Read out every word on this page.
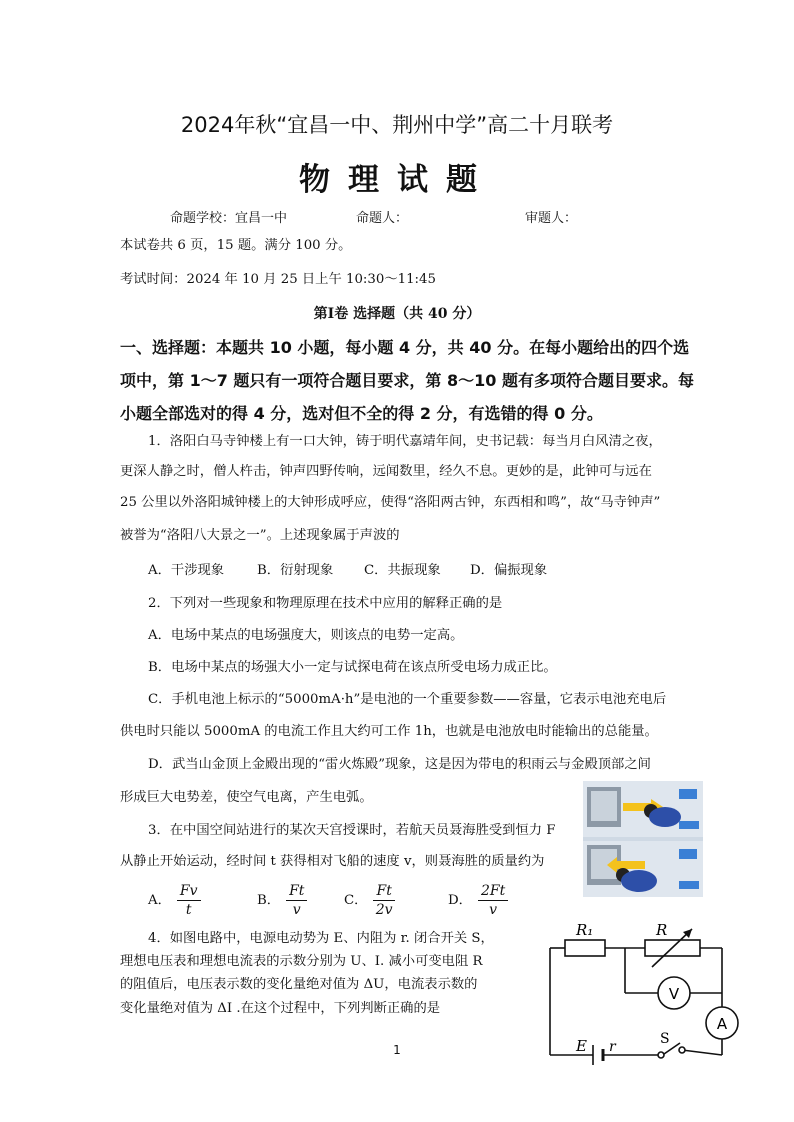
2024年秋“宜昌一中、荆州中学”高二十月联考
物理试题
命题学校：宜昌一中	命题人：	审题人：
本试卷共 6 页，15 题。满分 100 分。
考试时间：2024 年 10 月 25 日上午 10:30～11:45
第Ⅰ卷 选择题（共 40 分）
一、选择题：本题共 10 小题，每小题 4 分，共 40 分。在每小题给出的四个选
项中，第 1～7 题只有一项符合题目要求，第 8～10 题有多项符合题目要求。每
小题全部选对的得 4 分，选对但不全的得 2 分，有选错的得 0 分。
1．洛阳白马寺钟楼上有一口大钟，铸于明代嘉靖年间，史书记载：每当月白风清之夜，
更深人静之时，僧人杵击，钟声四野传响，远闻数里，经久不息。更妙的是，此钟可与远在
25 公里以外洛阳城钟楼上的大钟形成呼应，使得“洛阳两古钟，东西相和鸣”，故“马寺钟声”
被誉为“洛阳八大景之一”。上述现象属于声波的
A．干涉现象 B．衍射现象 C．共振现象 D．偏振现象
2．下列对一些现象和物理原理在技术中应用的解释正确的是
A．电场中某点的电场强度大，则该点的电势一定高。
B．电场中某点的场强大小一定与试探电荷在该点所受电场力成正比。
C．手机电池上标示的“5000mA·h”是电池的一个重要参数——容量，它表示电池充电后
供电时只能以 5000mA 的电流工作且大约可工作 1h，也就是电池放电时能输出的总能量。
D．武当山金顶上金殿出现的“雷火炼殿”现象，这是因为带电的积雨云与金殿顶部之间
形成巨大电势差，使空气电离，产生电弧。
3．在中国空间站进行的某次天宫授课时，若航天员聂海胜受到恒力 F
从静止开始运动，经时间 t 获得相对飞船的速度 v，则聂海胜的质量约为
A． $\frac{Fv}{t}$	B． $\frac{Ft}{v}$	C． $\frac{Ft}{2v}$	D． $\frac{2Ft}{v}$
4．如图电路中，电源电动势为 E、内阻为 r. 闭合开关 S，
理想电压表和理想电流表的示数分别为 U、I. 减小可变电阻 R
的阻值后，电压表示数的变化量绝对值为 ΔU，电流表示数的
变化量绝对值为 ΔI .在这个过程中，下列判断正确的是
R₁	R
V
A
E r	S
1
